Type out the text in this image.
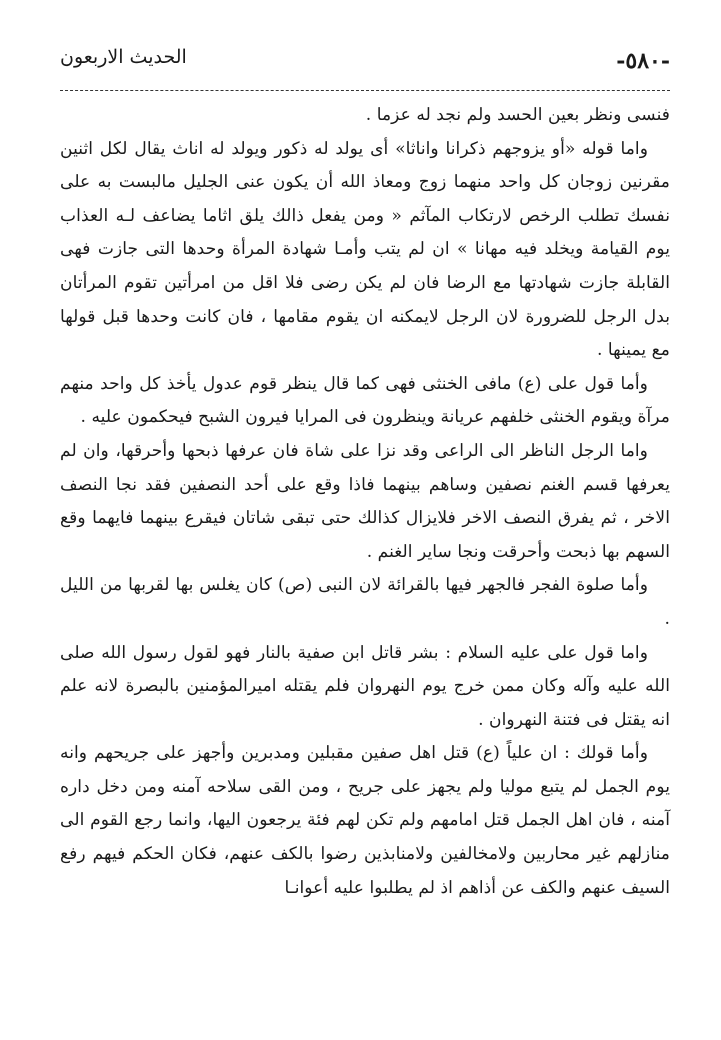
-٥٨٠-
الحديث الاربعون

فنسى ونظر بعين الحسد ولم نجد له عزما .

واما قوله «أو يزوجهم ذكرانا واناثا» أى يولد له ذكور ويولد له اناث يقال لكل اثنين مقرنين زوجان كل واحد منهما زوج ومعاذ الله أن يكون عنى الجليل مالبست به على نفسك تطلب الرخص لارتكاب المآثم « ومن يفعل ذالك يلق اثاما يضاعف لـه العذاب يوم القيامة ويخلد فيه مهانا » ان لم يتب وأمـا شهادة المرأة وحدها التى جازت فهى القابلة جازت شهادتها مع الرضا فان لم يكن رضى فلا اقل من امرأتين تقوم المرأتان بدل الرجل للضرورة لان الرجل لايمكنه ان يقوم مقامها ، فان كانت وحدها قبل قولها مع يمينها .

وأما قول على (ع) مافى الخنثى فهى كما قال ينظر قوم عدول يأخذ كل واحد منهم مرآة ويقوم الخنثى خلفهم عريانة وينظرون فى المرايا فيرون الشبح فيحكمون عليه .

واما الرجل الناظر الى الراعى وقد نزا على شاة فان عرفها ذبحها وأحرقها، وان لم يعرفها قسم الغنم نصفين وساهم بينهما فاذا وقع على أحد النصفين فقد نجا النصف الاخر ، ثم يفرق النصف الاخر فلايزال كذالك حتى تبقى شاتان فيقرع بينهما فايهما وقع السهم بها ذبحت وأحرقت ونجا ساير الغنم .

وأما صلوة الفجر فالجهر فيها بالقرائة لان النبى (ص) كان يغلس بها لقربها من الليل .

واما قول على عليه السلام : بشر قاتل ابن صفية بالنار فهو لقول رسول الله صلى الله عليه وآله وكان ممن خرج يوم النهروان فلم يقتله اميرالمؤمنين بالبصرة لانه علم انه يقتل فى فتنة النهروان .

وأما قولك : ان علياً (ع) قتل اهل صفين مقبلين ومدبرين وأجهز على جريحهم وانه يوم الجمل لم يتبع موليا ولم يجهز على جريح ، ومن القى سلاحه آمنه ومن دخل داره آمنه ، فان اهل الجمل قتل امامهم ولم تكن لهم فئة يرجعون اليها، وانما رجع القوم الى منازلهم غير محاربين ولامخالفين ولامنابذين رضوا بالكف عنهم، فكان الحكم فيهم رفع السيف عنهم والكف عن أذاهم اذ لم يطلبوا عليه أعوانـا
